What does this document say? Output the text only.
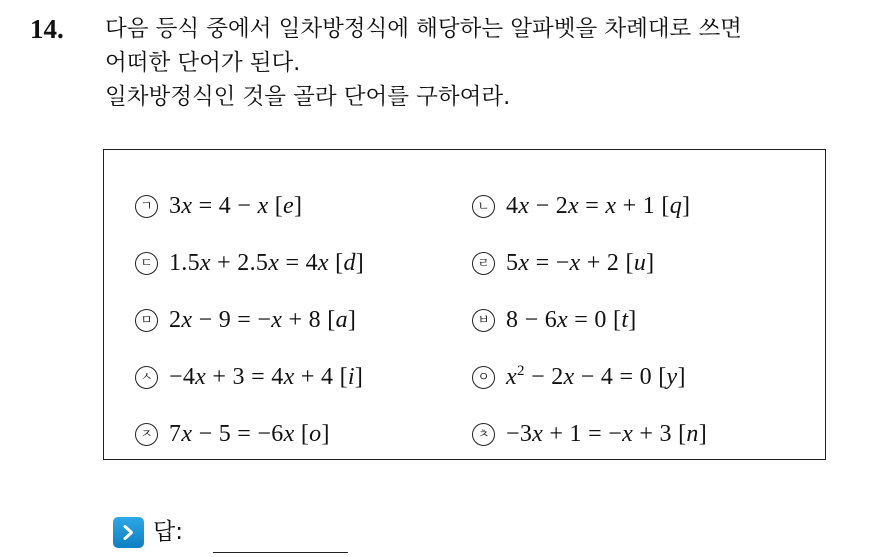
14. 다음 등식 중에서 일차방정식에 해당하는 알파벳을 차례대로 쓰면
어떠한 단어가 된다.
일차방정식인 것을 골라 단어를 구하여라.
ㄱ 3x = 4 − x [e]	ㄴ 4x − 2x = x + 1 [q]
ㄷ 1.5x + 2.5x = 4x [d]	ㄹ 5x = −x + 2 [u]
ㅁ 2x − 9 = −x + 8 [a]	ㅂ 8 − 6x = 0 [t]
ㅅ −4x + 3 = 4x + 4 [i]	ㅇ $x^2 - 2x - 4 = 0$ [y]
ㅈ 7x − 5 = −6x [o]	ㅊ −3x + 1 = −x + 3 [n]
답:
